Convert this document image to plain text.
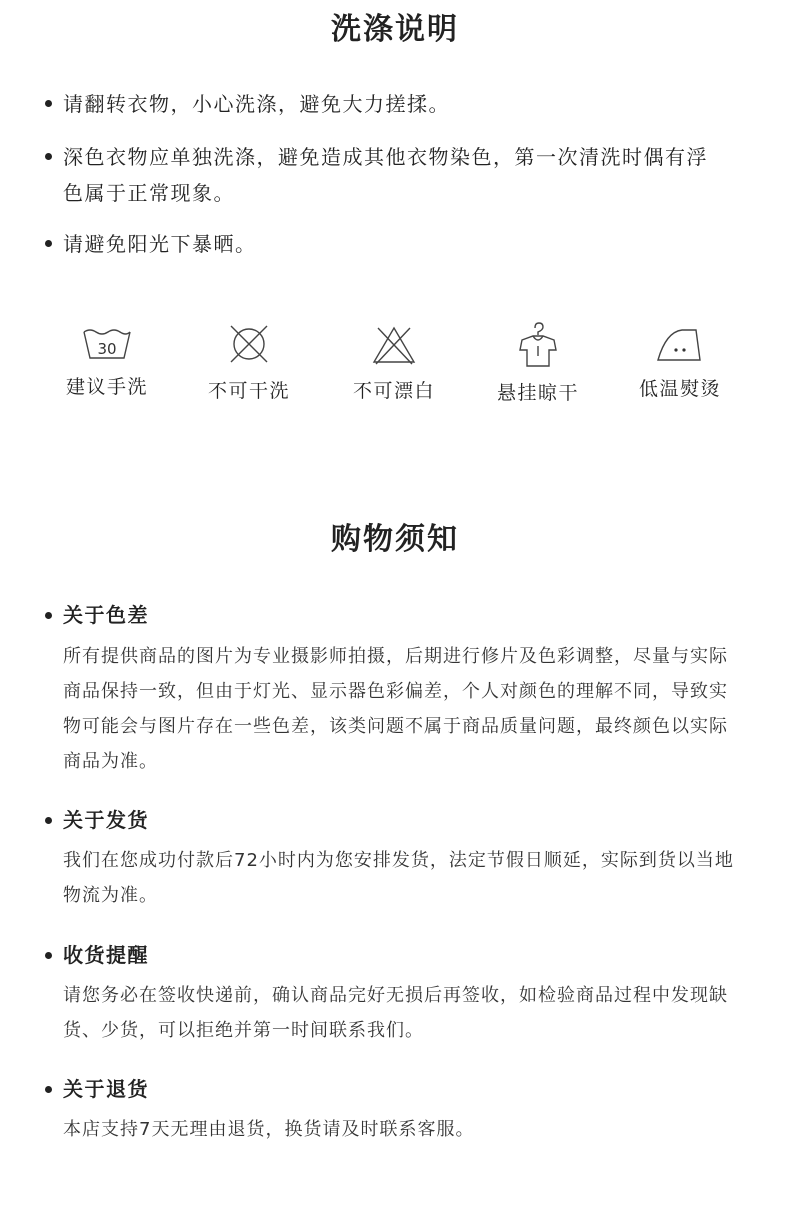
洗涤说明
请翻转衣物，小心洗涤，避免大力搓揉。
深色衣物应单独洗涤，避免造成其他衣物染色，第一次清洗时偶有浮色属于正常现象。
请避免阳光下暴晒。
30
建议手洗	不可干洗	不可漂白	悬挂晾干	低温熨烫
购物须知
关于色差
所有提供商品的图片为专业摄影师拍摄，后期进行修片及色彩调整，尽量与实际商品保持一致，但由于灯光、显示器色彩偏差，个人对颜色的理解不同，导致实物可能会与图片存在一些色差，该类问题不属于商品质量问题，最终颜色以实际商品为准。
关于发货
我们在您成功付款后72小时内为您安排发货，法定节假日顺延，实际到货以当地物流为准。
收货提醒
请您务必在签收快递前，确认商品完好无损后再签收，如检验商品过程中发现缺货、少货，可以拒绝并第一时间联系我们。
关于退货
本店支持7天无理由退货，换货请及时联系客服。
